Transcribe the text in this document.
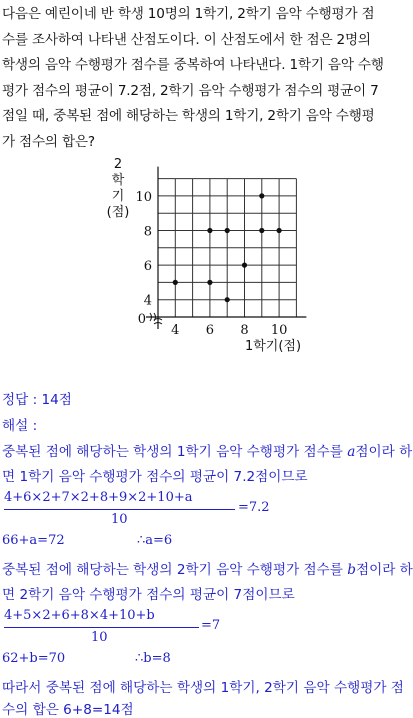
다음은 예린이네 반 학생 10명의 1학기, 2학기 음악 수행평가 점
수를 조사하여 나타낸 산점도이다. 이 산점도에서 한 점은 2명의
학생의 음악 수행평가 점수를 중복하여 나타낸다. 1학기 음악 수행
평가 점수의 평균이 7.2점, 2학기 음악 수행평가 점수의 평균이 7
점일 때, 중복된 점에 해당하는 학생의 1학기, 2학기 음악 수행평
가 점수의 합은?
4 6 8 10
4
6
8
10
0
2
학
기
(점)
1학기(점)
정답 : 14점
해설 :
중복된 점에 해당하는 학생의 1학기 음악 수행평가 점수를 a점이라 하
면 1학기 음악 수행평가 점수의 평균이 7.2점이므로
4+6×2+7×2+8+9×2+10+a
10
=7.2
66+a=72	∴a=6
중복된 점에 해당하는 학생의 2학기 음악 수행평가 점수를 b점이라 하
면 2학기 음악 수행평가 점수의 평균이 7점이므로
4+5×2+6+8×4+10+b
10
=7
62+b=70	∴b=8
따라서 중복된 점에 해당하는 학생의 1학기, 2학기 음악 수행평가 점
수의 합은 6+8=14점
